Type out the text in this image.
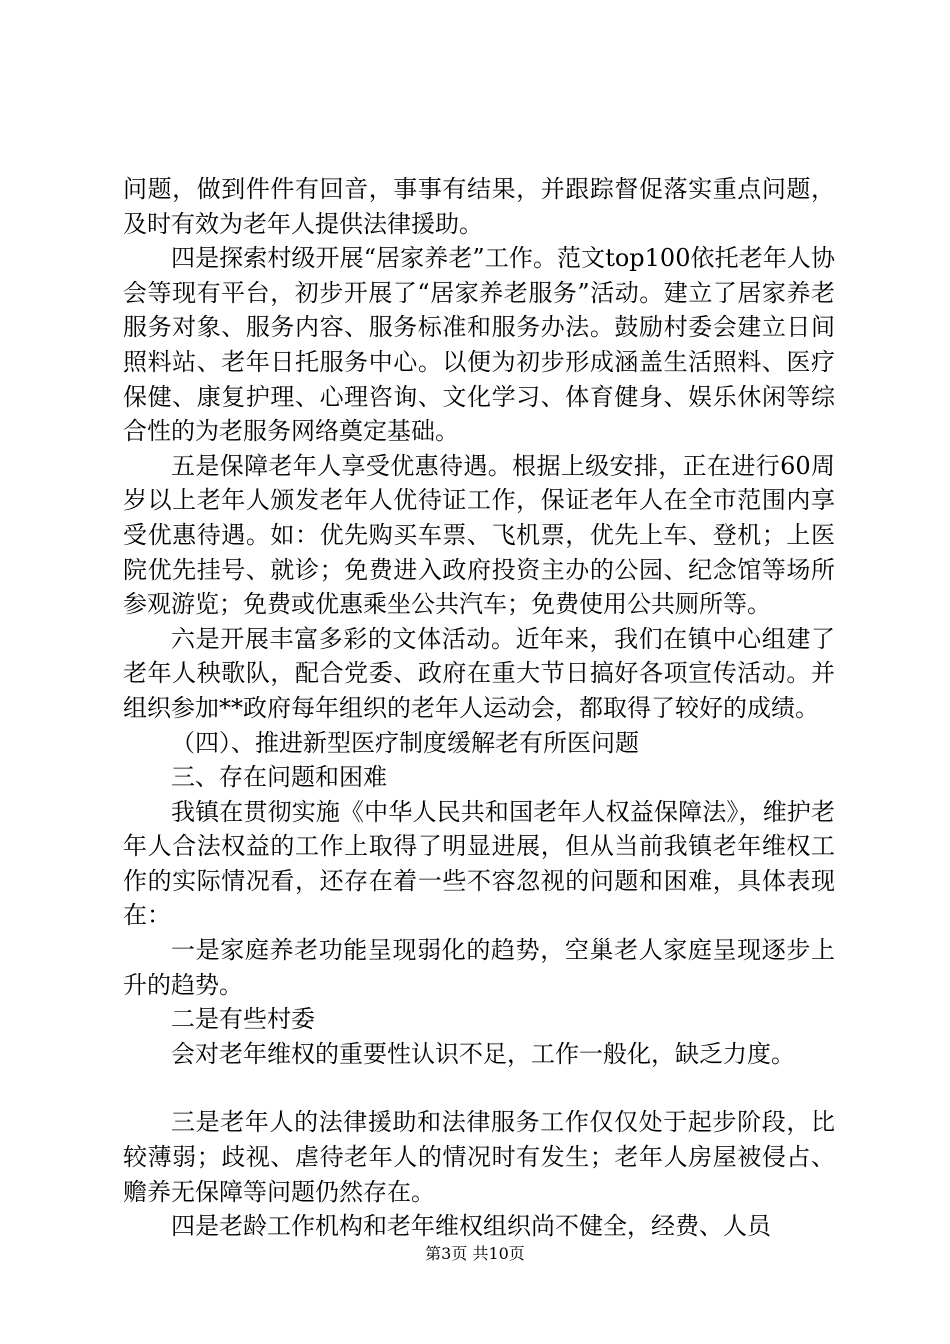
问题，做到件件有回音，事事有结果，并跟踪督促落实重点问题，及时有效为老年人提供法律援助。

四是探索村级开展“居家养老”工作。范文top100依托老年人协会等现有平台，初步开展了“居家养老服务”活动。建立了居家养老服务对象、服务内容、服务标准和服务办法。鼓励村委会建立日间照料站、老年日托服务中心。以便为初步形成涵盖生活照料、医疗保健、康复护理、心理咨询、文化学习、体育健身、娱乐休闲等综合性的为老服务网络奠定基础。

五是保障老年人享受优惠待遇。根据上级安排，正在进行60周岁以上老年人颁发老年人优待证工作，保证老年人在全市范围内享受优惠待遇。如：优先购买车票、飞机票，优先上车、登机；上医院优先挂号、就诊；免费进入政府投资主办的公园、纪念馆等场所参观游览；免费或优惠乘坐公共汽车；免费使用公共厕所等。

六是开展丰富多彩的文体活动。近年来，我们在镇中心组建了老年人秧歌队，配合党委、政府在重大节日搞好各项宣传活动。并组织参加**政府每年组织的老年人运动会，都取得了较好的成绩。

（四）、推进新型医疗制度缓解老有所医问题

三、存在问题和困难

我镇在贯彻实施《中华人民共和国老年人权益保障法》，维护老年人合法权益的工作上取得了明显进展，但从当前我镇老年维权工作的实际情况看，还存在着一些不容忽视的问题和困难，具体表现在：

一是家庭养老功能呈现弱化的趋势，空巢老人家庭呈现逐步上升的趋势。

二是有些村委

会对老年维权的重要性认识不足，工作一般化，缺乏力度。

三是老年人的法律援助和法律服务工作仅仅处于起步阶段，比较薄弱；歧视、虐待老年人的情况时有发生；老年人房屋被侵占、赡养无保障等问题仍然存在。

四是老龄工作机构和老年维权组织尚不健全，经费、人员

第3页 共10页
